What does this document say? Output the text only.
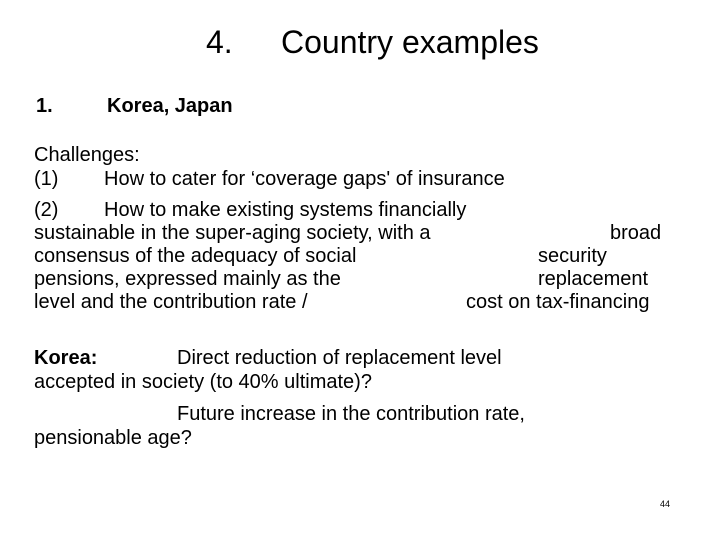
4. Country examples
1.	Korea, Japan
Challenges:
(1) How to cater for ‘coverage gaps' of insurance
(2) How to make existing systems financially
sustainable in the super-aging society, with a	broad
consensus of the adequacy of social	security
pensions, expressed mainly as the	replacement
level and the contribution rate /	cost on tax-financing
Korea:	Direct reduction of replacement level
accepted in society (to 40% ultimate)?
Future increase in the contribution rate,
pensionable age?
44
